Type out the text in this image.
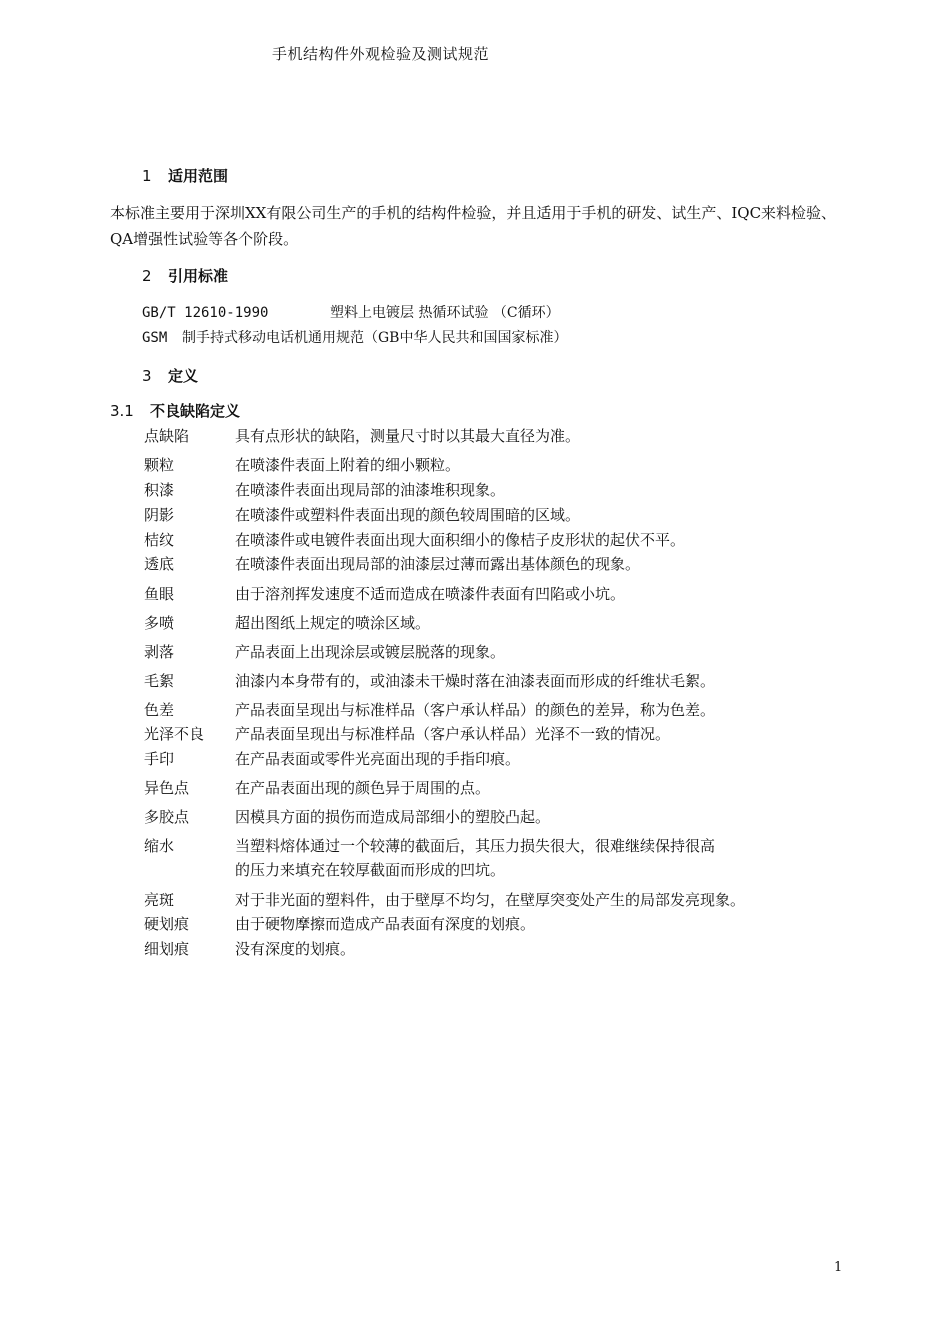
手机结构件外观检验及测试规范
1 适用范围
本标准主要用于深圳XX有限公司生产的手机的结构件检验，并且适用于手机的研发、试生产、IQC来料检验、QA增强性试验等各个阶段。
2 引用标准
GB/T 12610-1990	塑料上电镀层 热循环试验 （C循环）
GSM 制手持式移动电话机通用规范（GB中华人民共和国国家标准）
3 定义
3.1 不良缺陷定义
点缺陷	具有点形状的缺陷，测量尺寸时以其最大直径为准。
颗粒	在喷漆件表面上附着的细小颗粒。
积漆	在喷漆件表面出现局部的油漆堆积现象。
阴影	在喷漆件或塑料件表面出现的颜色较周围暗的区域。
桔纹	在喷漆件或电镀件表面出现大面积细小的像桔子皮形状的起伏不平。
透底	在喷漆件表面出现局部的油漆层过薄而露出基体颜色的现象。
鱼眼	由于溶剂挥发速度不适而造成在喷漆件表面有凹陷或小坑。
多喷	超出图纸上规定的喷涂区域。
剥落	产品表面上出现涂层或镀层脱落的现象。
毛絮	油漆内本身带有的，或油漆未干燥时落在油漆表面而形成的纤维状毛絮。
色差	产品表面呈现出与标准样品（客户承认样品）的颜色的差异，称为色差。
光泽不良	产品表面呈现出与标准样品（客户承认样品）光泽不一致的情况。
手印	在产品表面或零件光亮面出现的手指印痕。
异色点	在产品表面出现的颜色异于周围的点。
多胶点	因模具方面的损伤而造成局部细小的塑胶凸起。
缩水	当塑料熔体通过一个较薄的截面后，其压力损失很大，很难继续保持很高
的压力来填充在较厚截面而形成的凹坑。
亮斑	对于非光面的塑料件，由于壁厚不均匀，在壁厚突变处产生的局部发亮现象。
硬划痕	由于硬物摩擦而造成产品表面有深度的划痕。
细划痕	没有深度的划痕。
1
